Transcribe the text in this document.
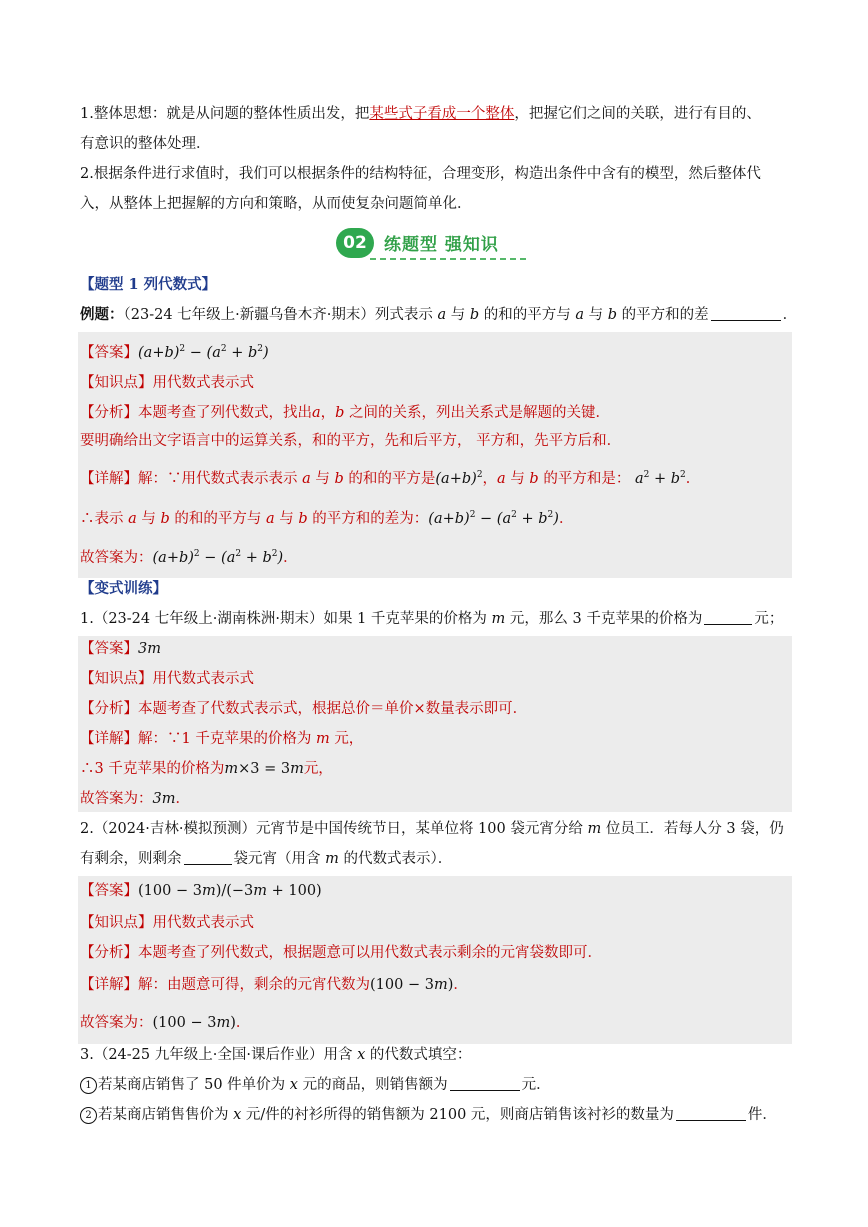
1.整体思想：就是从问题的整体性质出发，把某些式子看成一个整体，把握它们之间的关联，进行有目的、
有意识的整体处理．
2.根据条件进行求值时，我们可以根据条件的结构特征，合理变形，构造出条件中含有的模型，然后整体代
入，从整体上把握解的方向和策略，从而使复杂问题简单化．
02	练题型 强知识
【题型 1 列代数式】
例题：（23-24 七年级上·新疆乌鲁木齐·期末）列式表示 a 与 b 的和的平方与 a 与 b 的平方和的差	．
【答案】$(a+b)^2 - (a^2 + b^2)$
【知识点】用代数式表示式
【分析】本题考查了列代数式，找出a，b 之间的关系，列出关系式是解题的关键．
要明确给出文字语言中的运算关系，和的平方，先和后平方， 平方和，先平方后和．
【详解】解：∵用代数式表示表示 a 与 b 的和的平方是$(a+b)^2$，a 与 b 的平方和是： $a^2 + b^2$．
∴表示 a 与 b 的和的平方与 a 与 b 的平方和的差为：$(a+b)^2 - (a^2 + b^2)$．
故答案为：$(a+b)^2 - (a^2 + b^2)$．
【变式训练】
1.（23-24 七年级上·湖南株洲·期末）如果 1 千克苹果的价格为 m 元，那么 3 千克苹果的价格为	元；
【答案】3m
【知识点】用代数式表示式
【分析】本题考查了代数式表示式，根据总价＝单价×数量表示即可．
【详解】解：∵1 千克苹果的价格为 m 元，
∴3 千克苹果的价格为m×3 = 3m元，
故答案为：3m．
2.（2024·吉林·模拟预测）元宵节是中国传统节日，某单位将 100 袋元宵分给 m 位员工．若每人分 3 袋，仍
有剩余，则剩余	袋元宵（用含 m 的代数式表示）．
【答案】(100 − 3m)/(−3m + 100)
【知识点】用代数式表示式
【分析】本题考查了列代数式，根据题意可以用代数式表示剩余的元宵袋数即可．
【详解】解：由题意可得，剩余的元宵代数为(100 − 3m)．
故答案为：(100 − 3m)．
3.（24-25 九年级上·全国·课后作业）用含 x 的代数式填空：
1 若某商店销售了 50 件单价为 x 元的商品，则销售额为	元．
2 若某商店销售售价为 x 元/件的衬衫所得的销售额为 2100 元，则商店销售该衬衫的数量为	件．
